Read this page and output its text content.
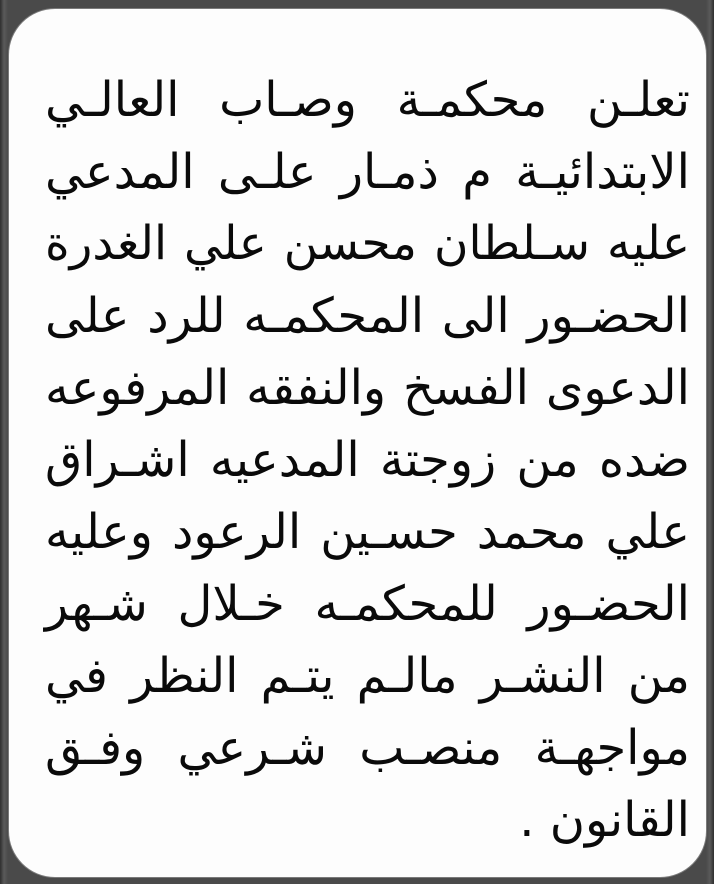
تعلـن محكمـة وصـاب العالـي
الابتدائيـة م ذمـار علـى المدعي
عليه سـلطان محسن علي الغدرة
الحضـور الى المحكمـه للرد على
الدعوى الفسخ والنفقه المرفوعه
ضده من زوجتة المدعيه اشـراق
علي محمد حسـين الرعود وعليه
الحضـور للمحكمـه خـلال شـهر
من النشـر مالـم يتـم النظر في
مواجهـة منصـب شـرعي وفـق
القانون .
